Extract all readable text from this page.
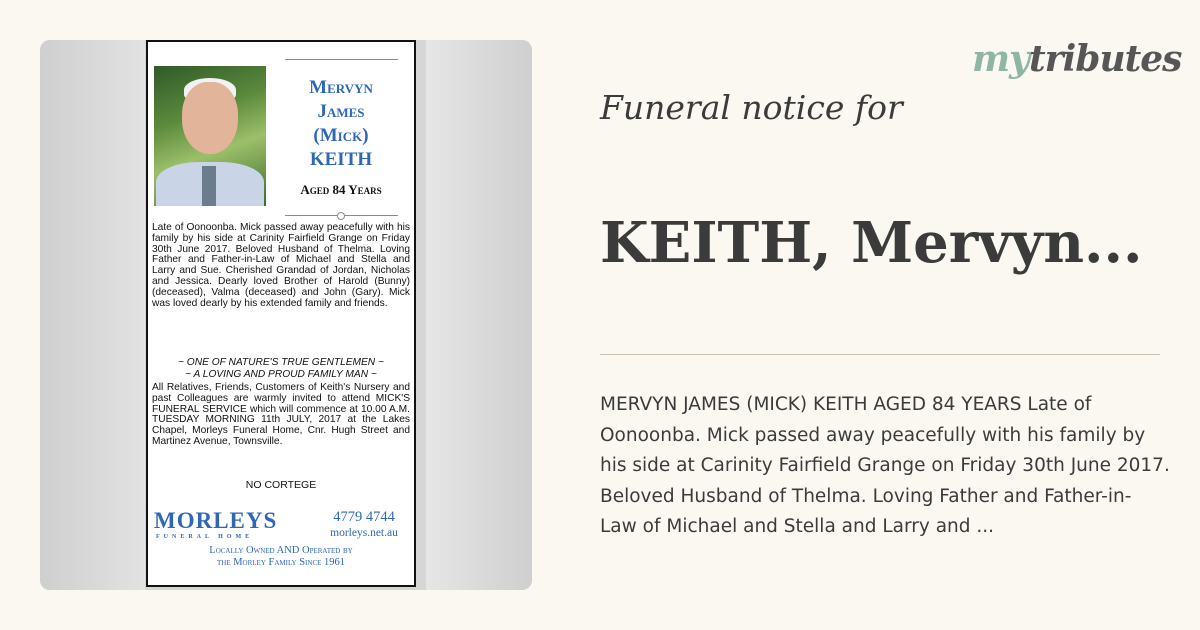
Mervyn
James
(Mick)
KEITH
Aged 84 Years
Late of Oonoonba. Mick passed away peacefully with his family by his side at Carinity Fairfield Grange on Friday 30th June 2017. Beloved Husband of Thelma. Loving Father and Father-in-Law of Michael and Stella and Larry and Sue. Cherished Grandad of Jordan, Nicholas and Jessica. Dearly loved Brother of Harold (Bunny) (deceased), Valma (deceased) and John (Gary). Mick was loved dearly by his extended family and friends.
~ ONE OF NATURE'S TRUE GENTLEMEN ~
~ A LOVING AND PROUD FAMILY MAN ~
All Relatives, Friends, Customers of Keith's Nursery and past Colleagues are warmly invited to attend MICK'S FUNERAL SERVICE which will commence at 10.00 A.M. TUESDAY MORNING 11th JULY, 2017 at the Lakes Chapel, Morleys Funeral Home, Cnr. Hugh Street and Martinez Avenue, Townsville.
NO CORTEGE
MORLEYS
FUNERAL HOME
4779 4744
morleys.net.au
Locally Owned AND Operated by
the Morley Family Since 1961
mytributes
Funeral notice for
KEITH, Mervyn...
MERVYN JAMES (MICK) KEITH AGED 84 YEARS Late of Oonoonba. Mick passed away peacefully with his family by his side at Carinity Fairfield Grange on Friday 30th June 2017. Beloved Husband of Thelma. Loving Father and Father-in- Law of Michael and Stella and Larry and ...
